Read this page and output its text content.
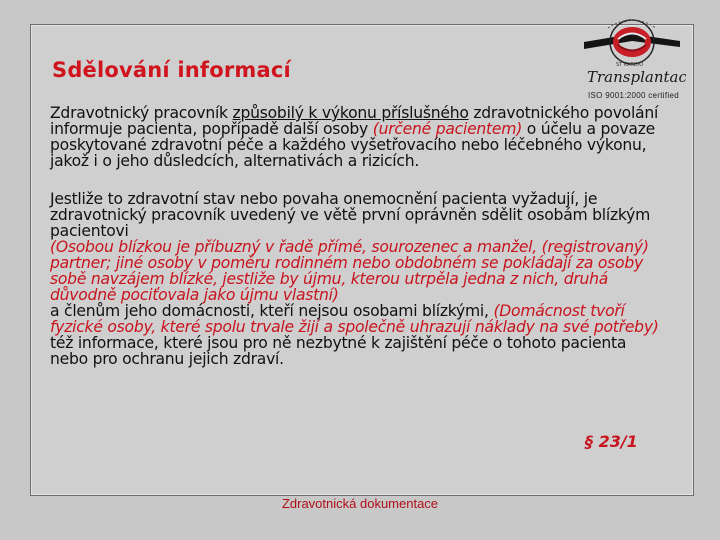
Sdělování informací	Transplantace
ST KARDIO
ISO 9001:2000 certified

Zdravotnický pracovník způsobilý k výkonu příslušného zdravotnického povolání informuje pacienta, popřípadě další osoby (určené pacientem) o účelu a povaze poskytované zdravotní péče a každého vyšetřovacího nebo léčebného výkonu, jakož i o jeho důsledcích, alternativách a rizicích.

Jestliže to zdravotní stav nebo povaha onemocnění pacienta vyžadují, je zdravotnický pracovník uvedený ve větě první oprávněn sdělit osobám blízkým pacientovi

(Osobou blízkou je příbuzný v řadě přímé, sourozenec a manžel, (registrovaný) partner; jiné osoby v poměru rodinném nebo obdobném se pokládají za osoby sobě navzájem blízké, jestliže by újmu, kterou utrpěla jedna z nich, druhá důvodně pociťovala jako újmu vlastní)

a členům jeho domácnosti, kteří nejsou osobami blízkými, (Domácnost tvoří fyzické osoby, které spolu trvale žijí a společně uhrazují náklady na své potřeby)

též informace, které jsou pro ně nezbytné k zajištění péče o tohoto pacienta nebo pro ochranu jejich zdraví.

§ 23/1
Zdravotnická dokumentace
